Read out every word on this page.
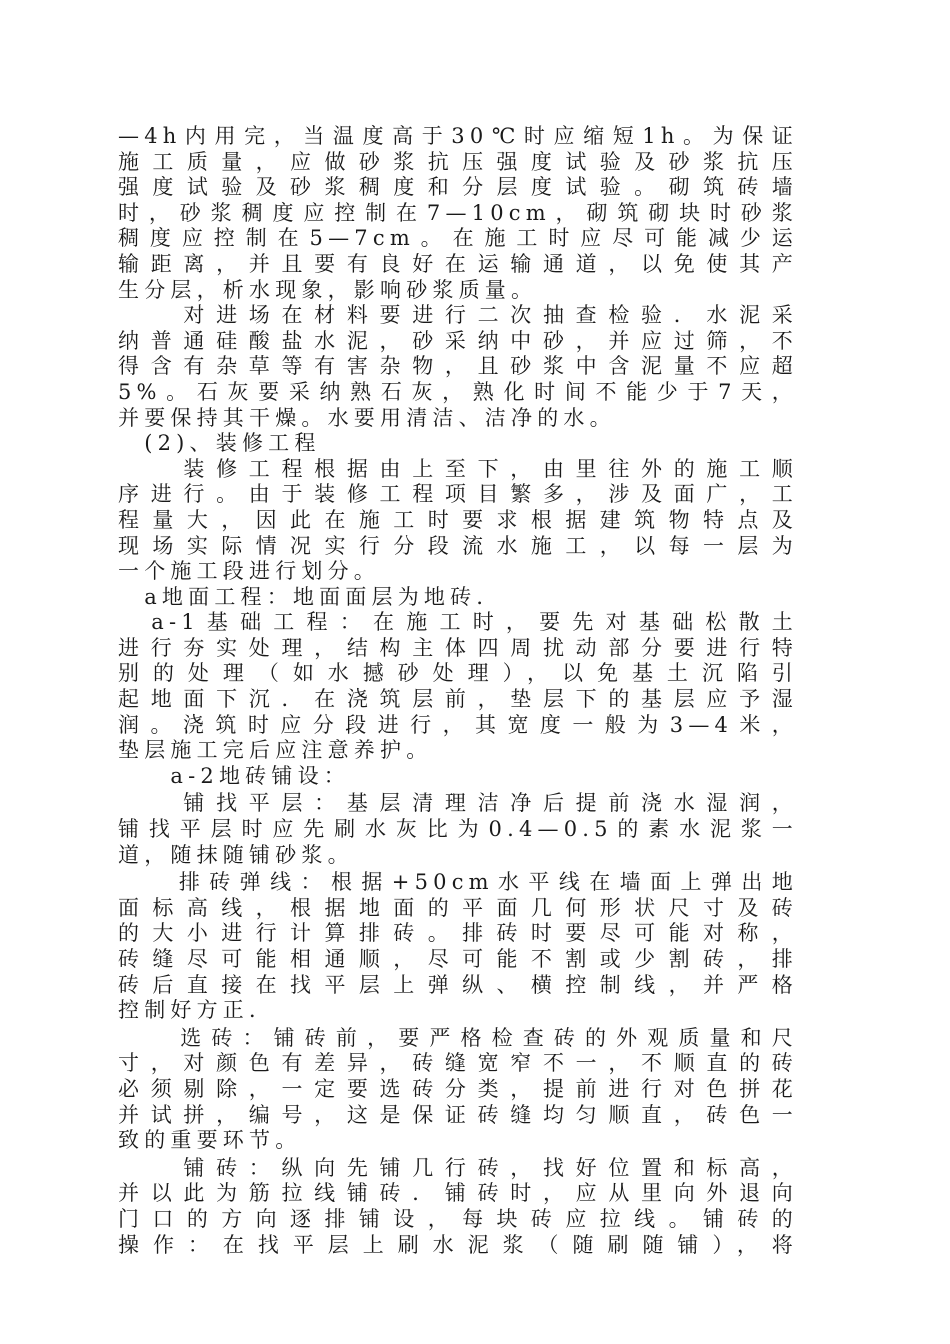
—4h内用完，当温度高于30℃时应缩短1h。为保证
施工质量，应做砂浆抗压强度试验及砂浆抗压
强度试验及砂浆稠度和分层度试验。砌筑砖墙
时，砂浆稠度应控制在7—10cm，砌筑砌块时砂浆
稠度应控制在5—7cm。在施工时应尽可能减少运
输距离，并且要有良好在运输通道，以免使其产
生分层，析水现象，影响砂浆质量。
　　对进场在材料要进行二次抽查检验．水泥采
纳普通硅酸盐水泥，砂采纳中砂，并应过筛，不
得含有杂草等有害杂物，且砂浆中含泥量不应超
5%。石灰要采纳熟石灰，熟化时间不能少于7天，
并要保持其干燥。水要用清洁、洁净的水。
　(2)、装修工程
　　装修工程根据由上至下，由里往外的施工顺
序进行。由于装修工程项目繁多，涉及面广，工
程量大，因此在施工时要求根据建筑物特点及
现场实际情况实行分段流水施工，以每一层为
一个施工段进行划分。
　a地面工程：地面面层为地砖．
　a-1基础工程：在施工时，要先对基础松散土
进行夯实处理，结构主体四周扰动部分要进行特
别的处理（如水撼砂处理），以免基土沉陷引
起地面下沉．在浇筑层前，垫层下的基层应予湿
润。浇筑时应分段进行，其宽度一般为3—4米，
垫层施工完后应注意养护。
　　a-2地砖铺设：
　　铺找平层：基层清理洁净后提前浇水湿润，
铺找平层时应先刷水灰比为0.4—0.5的素水泥浆一
道，随抹随铺砂浆。
　　排砖弹线：根据+50cm水平线在墙面上弹出地
面标高线，根据地面的平面几何形状尺寸及砖
的大小进行计算排砖。排砖时要尽可能对称，
砖缝尽可能相通顺，尽可能不割或少割砖，排
砖后直接在找平层上弹纵、横控制线，并严格
控制好方正．
　　选砖：铺砖前，要严格检查砖的外观质量和尺
寸，对颜色有差异，砖缝宽窄不一，不顺直的砖
必须剔除，一定要选砖分类，提前进行对色拼花
并试拼，编号，这是保证砖缝均匀顺直，砖色一
致的重要环节。
　　铺砖：纵向先铺几行砖，找好位置和标高，
并以此为筋拉线铺砖．铺砖时，应从里向外退向
门口的方向逐排铺设，每块砖应拉线。铺砖的
操作：在找平层上刷水泥浆（随刷随铺），将
